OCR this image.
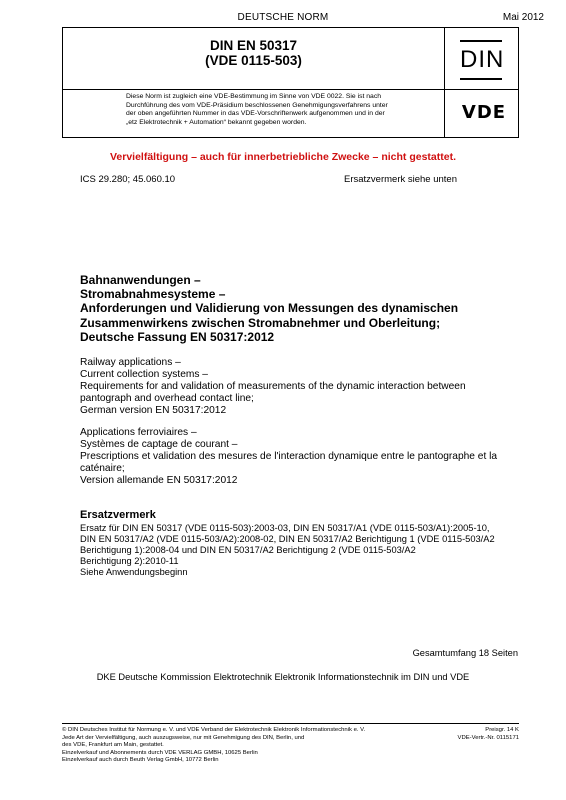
DEUTSCHE NORM	Mai 2012
DIN EN 50317
(VDE 0115-503)	DIN
VDE
Diese Norm ist zugleich eine VDE-Bestimmung im Sinne von VDE 0022. Sie ist nach
Durchführung des vom VDE-Präsidium beschlossenen Genehmigungsverfahrens unter
der oben angeführten Nummer in das VDE-Vorschriftenwerk aufgenommen und in der
„etz Elektrotechnik + Automation“ bekannt gegeben worden.
Vervielfältigung – auch für innerbetriebliche Zwecke – nicht gestattet.
ICS 29.280; 45.060.10	Ersatzvermerk siehe unten
Bahnanwendungen –
Stromabnahmesysteme –
Anforderungen und Validierung von Messungen des dynamischen
Zusammenwirkens zwischen Stromabnehmer und Oberleitung;
Deutsche Fassung EN 50317:2012
Railway applications –
Current collection systems –
Requirements for and validation of measurements of the dynamic interaction between
pantograph and overhead contact line;
German version EN 50317:2012
Applications ferroviaires –
Systèmes de captage de courant –
Prescriptions et validation des mesures de l'interaction dynamique entre le pantographe et la
caténaire;
Version allemande EN 50317:2012
Ersatzvermerk
Ersatz für DIN EN 50317 (VDE 0115-503):2003-03, DIN EN 50317/A1 (VDE 0115-503/A1):2005-10,
DIN EN 50317/A2 (VDE 0115-503/A2):2008-02, DIN EN 50317/A2 Berichtigung 1 (VDE 0115-503/A2
Berichtigung 1):2008-04 und DIN EN 50317/A2 Berichtigung 2 (VDE 0115-503/A2
Berichtigung 2):2010-11
Siehe Anwendungsbeginn
Gesamtumfang 18 Seiten
DKE Deutsche Kommission Elektrotechnik Elektronik Informationstechnik im DIN und VDE
© DIN Deutsches Institut für Normung e. V. und VDE Verband der Elektrotechnik Elektronik Informationstechnik e. V.
Jede Art der Vervielfältigung, auch auszugsweise, nur mit Genehmigung des DIN, Berlin, und
des VDE, Frankfurt am Main, gestattet.
Einzelverkauf und Abonnements durch VDE VERLAG GMBH, 10625 Berlin
Einzelverkauf auch durch Beuth Verlag GmbH, 10772 Berlin
Preisgr. 14 K
VDE-Vertr.-Nr. 0115171
